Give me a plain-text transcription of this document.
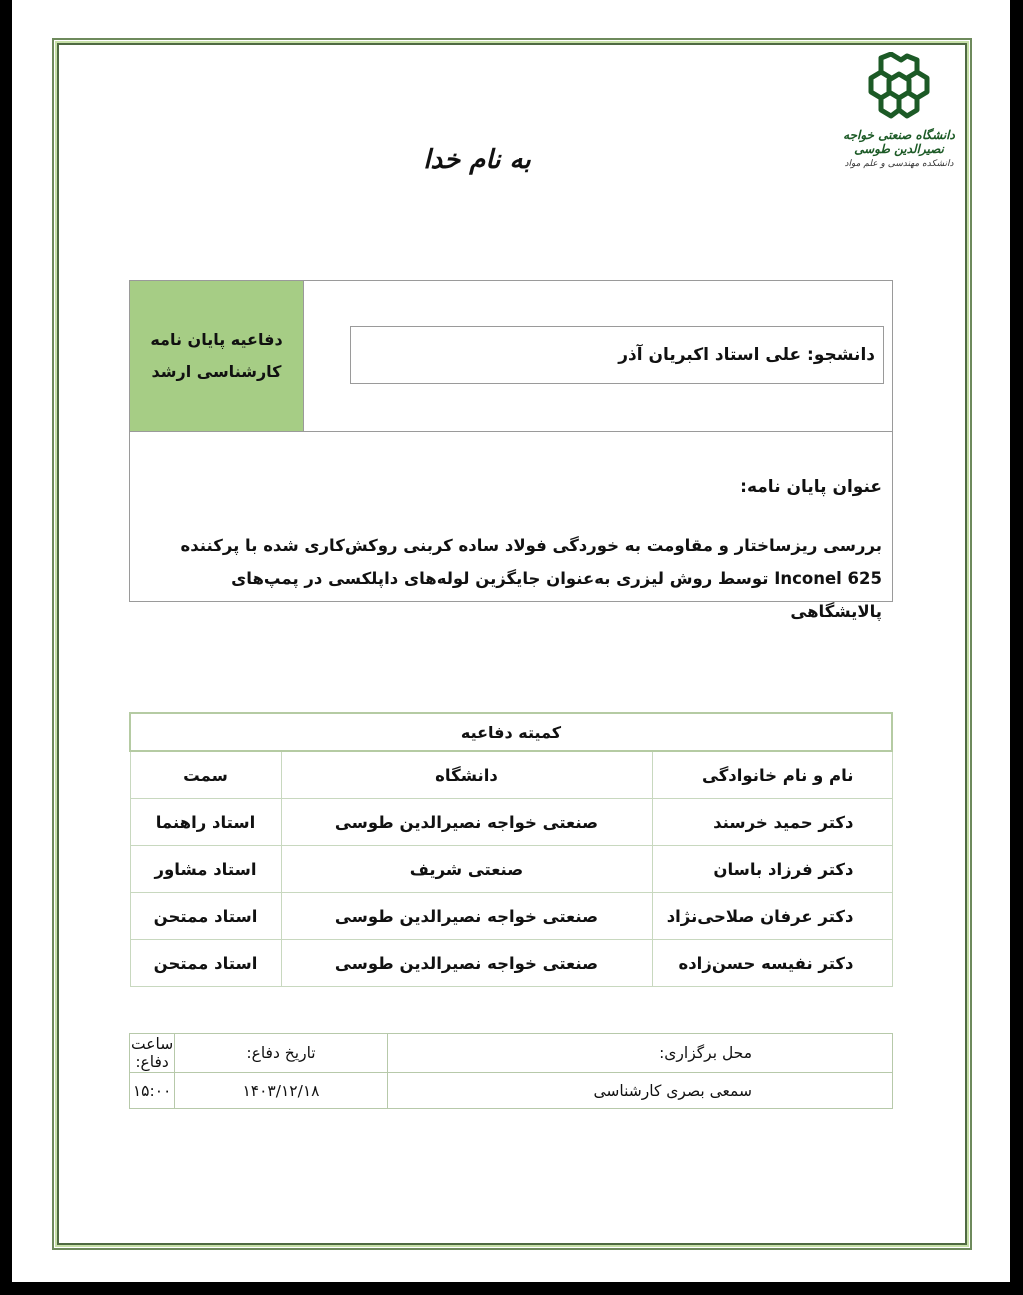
دانشگاه صنعتی خواجه نصیرالدین طوسی
دانشکده مهندسی و علم مواد
به نام خدا
دفاعیه پایان نامه
کارشناسی ارشد
دانشجو: علی استاد اکبریان آذر
عنوان پایان نامه:
بررسی ریزساختار و مقاومت به خوردگی فولاد ساده کربنی روکش‌کاری شده با پرکننده Inconel 625 توسط روش لیزری به‌عنوان جایگزین لوله‌های داپلکسی در پمپ‌های پالایشگاهی
کمیته دفاعیه		
نام و نام خانوادگی	دانشگاه	سمت
دکتر حمید خرسند	صنعتی خواجه نصیرالدین طوسی	استاد راهنما
دکتر فرزاد باسان	صنعتی شریف	استاد مشاور
دکتر عرفان صلاحی‌نژاد	صنعتی خواجه نصیرالدین طوسی	استاد ممتحن
دکتر نفیسه حسن‌زاده	صنعتی خواجه نصیرالدین طوسی	استاد ممتحن
محل برگزاری:	تاریخ دفاع:	ساعت دفاع:
سمعی بصری کارشناسی	۱۴۰۳/۱۲/۱۸	۱۵:۰۰
